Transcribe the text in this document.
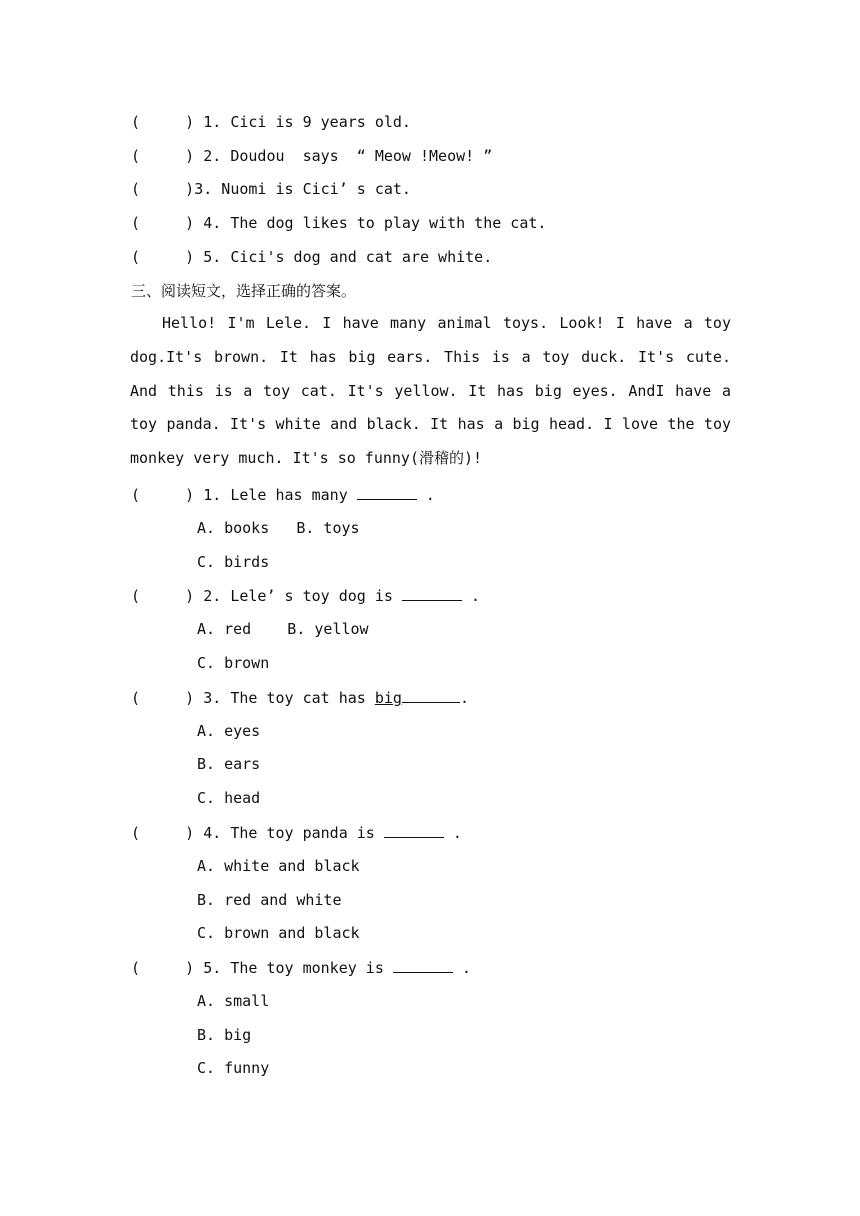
(     ) 1. Cici is 9 years old.
(     ) 2. Doudou  says  “ Meow !Meow! ”
(     )3. Nuomi is Cici’ s cat.
(     ) 4. The dog likes to play with the cat.
(     ) 5. Cici's dog and cat are white.
三、阅读短文，选择正确的答案。

Hello! I'm Lele. I have many animal toys. Look! I have a toy dog.It's brown. It has big ears. This is a toy duck. It's cute. And this is a toy cat. It's yellow. It has big eyes. AndI have a toy panda. It's white and black. It has a big head. I love the toy monkey very much. It's so funny(滑稽的)!

(     ) 1. Lele has many	.
A. books   B. toys
C. birds
(     ) 2. Lele’ s toy dog is	.
A. red    B. yellow
C. brown
(     ) 3. The toy cat has big	.
A. eyes
B. ears
C. head
(     ) 4. The toy panda is	.
A. white and black
B. red and white
C. brown and black
(     ) 5. The toy monkey is	.
A. small
B. big
C. funny
